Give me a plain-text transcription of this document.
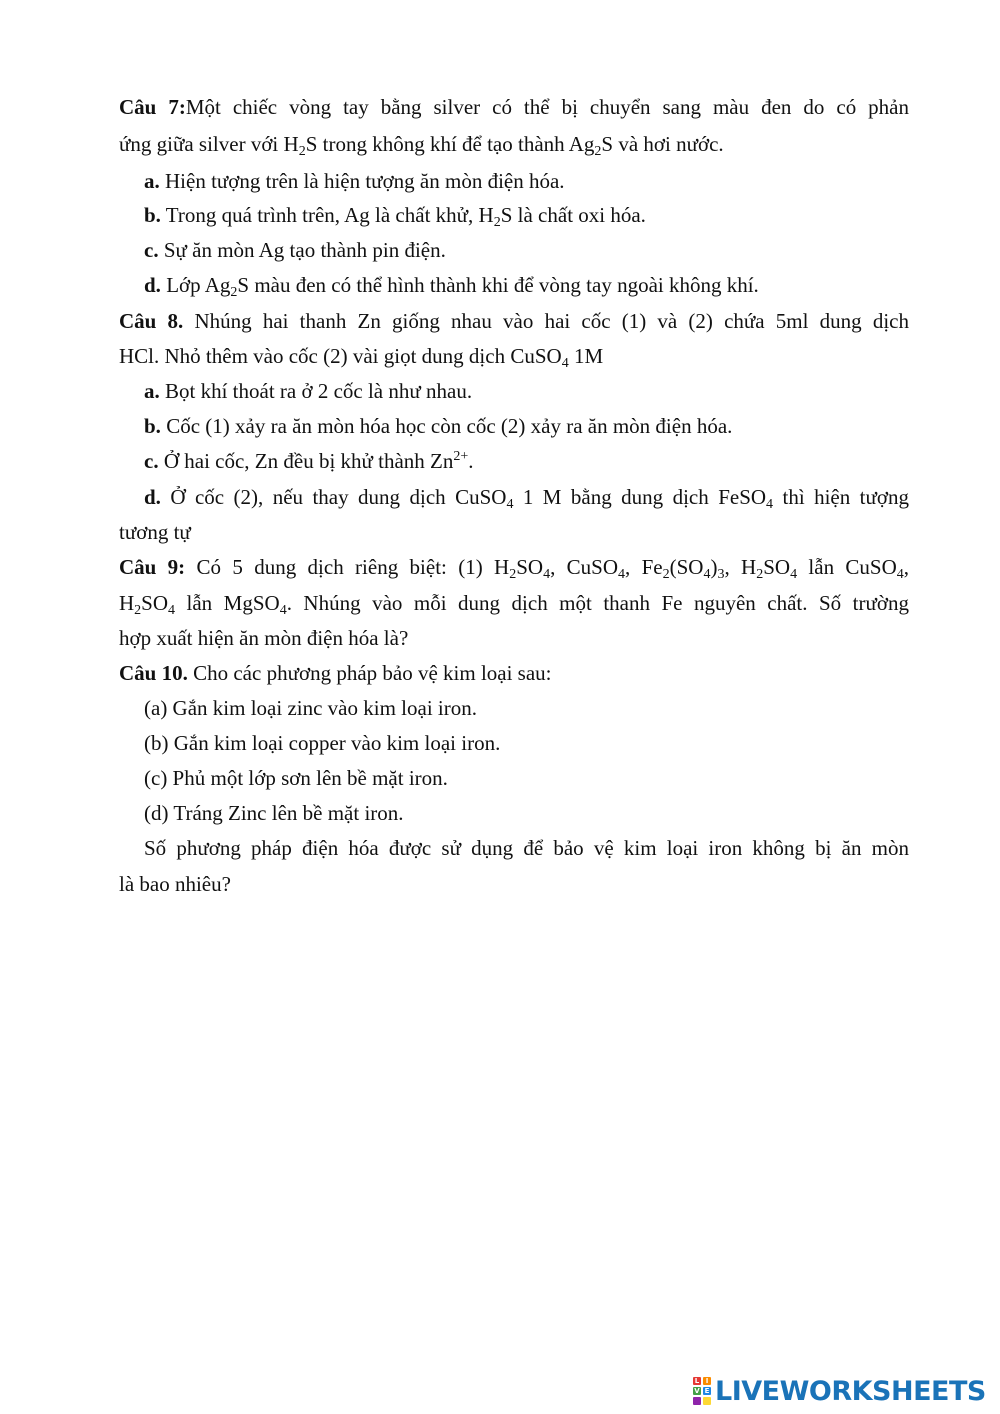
Câu 7:Một chiếc vòng tay bằng silver có thể bị chuyển sang màu đen do có phản
ứng giữa silver với $H_2S$ trong không khí để tạo thành $Ag_2S$ và hơi nước.
a. Hiện tượng trên là hiện tượng ăn mòn điện hóa.
b. Trong quá trình trên, Ag là chất khử, $H_2S$ là chất oxi hóa.
c. Sự ăn mòn Ag tạo thành pin điện.
d. Lớp $Ag_2S$ màu đen có thể hình thành khi để vòng tay ngoài không khí.
Câu 8. Nhúng hai thanh Zn giống nhau vào hai cốc (1) và (2) chứa 5ml dung dịch
HCl. Nhỏ thêm vào cốc (2) vài giọt dung dịch CuSO$_4$ 1M
a. Bọt khí thoát ra ở 2 cốc là như nhau.
b. Cốc (1) xảy ra ăn mòn hóa học còn cốc (2) xảy ra ăn mòn điện hóa.
c. Ở hai cốc, Zn đều bị khử thành $Zn^{2+}$.
d. Ở cốc (2), nếu thay dung dịch CuSO$_4$ 1 M bằng dung dịch FeSO$_4$ thì hiện tượng
tương tự
Câu 9: Có 5 dung dịch riêng biệt: (1) $H_2SO_4$, CuSO$_4$, $Fe_2(SO_4)_3$, $H_2SO_4$ lẫn CuSO$_4$,
$H_2SO_4$ lẫn MgSO$_4$. Nhúng vào mỗi dung dịch một thanh Fe nguyên chất. Số trường
hợp xuất hiện ăn mòn điện hóa là?
Câu 10. Cho các phương pháp bảo vệ kim loại sau:
(a) Gắn kim loại zinc vào kim loại iron.
(b) Gắn kim loại copper vào kim loại iron.
(c) Phủ một lớp sơn lên bề mặt iron.
(d) Tráng Zinc lên bề mặt iron.
Số phương pháp điện hóa được sử dụng để bảo vệ kim loại iron không bị ăn mòn
là bao nhiêu?
L I
V E LIVEWORKSHEETS
